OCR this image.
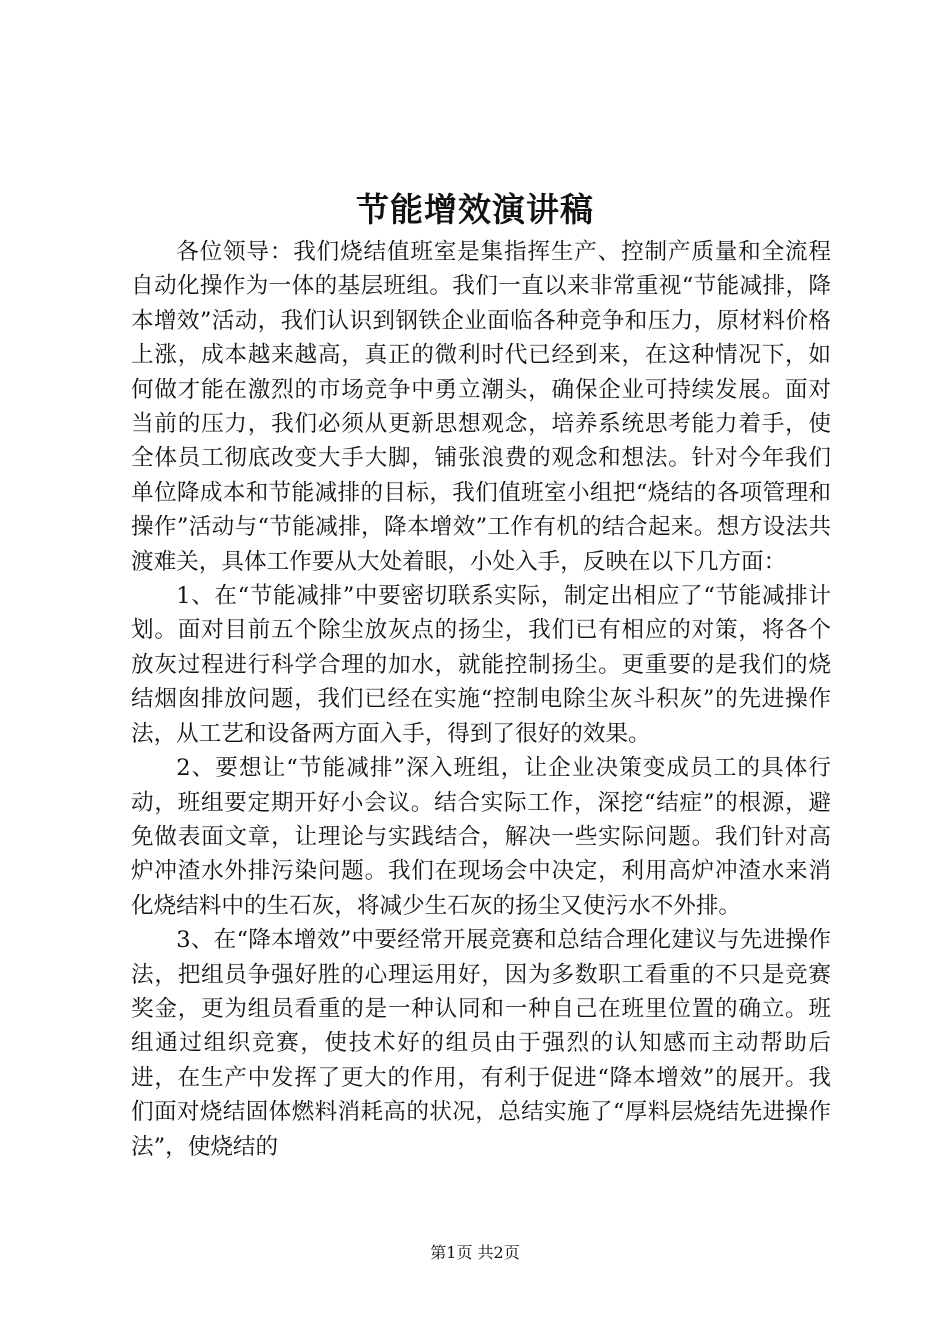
节能增效演讲稿

各位领导：我们烧结值班室是集指挥生产、控制产质量和全流程自动化操作为一体的基层班组。我们一直以来非常重视“节能减排，降本增效”活动，我们认识到钢铁企业面临各种竞争和压力，原材料价格上涨，成本越来越高，真正的微利时代已经到来，在这种情况下，如何做才能在激烈的市场竞争中勇立潮头，确保企业可持续发展。面对当前的压力，我们必须从更新思想观念，培养系统思考能力着手，使全体员工彻底改变大手大脚，铺张浪费的观念和想法。针对今年我们单位降成本和节能减排的目标，我们值班室小组把“烧结的各项管理和操作”活动与“节能减排，降本增效”工作有机的结合起来。想方设法共渡难关，具体工作要从大处着眼，小处入手，反映在以下几方面：

1、在“节能减排”中要密切联系实际，制定出相应了“节能减排计划。面对目前五个除尘放灰点的扬尘，我们已有相应的对策，将各个放灰过程进行科学合理的加水，就能控制扬尘。更重要的是我们的烧结烟囱排放问题，我们已经在实施“控制电除尘灰斗积灰”的先进操作法，从工艺和设备两方面入手，得到了很好的效果。

2、要想让“节能减排”深入班组，让企业决策变成员工的具体行动，班组要定期开好小会议。结合实际工作，深挖“结症”的根源，避免做表面文章，让理论与实践结合，解决一些实际问题。我们针对高炉冲渣水外排污染问题。我们在现场会中决定，利用高炉冲渣水来消化烧结料中的生石灰，将减少生石灰的扬尘又使污水不外排。

3、在“降本增效”中要经常开展竞赛和总结合理化建议与先进操作法，把组员争强好胜的心理运用好，因为多数职工看重的不只是竞赛奖金，更为组员看重的是一种认同和一种自己在班里位置的确立。班组通过组织竞赛，使技术好的组员由于强烈的认知感而主动帮助后进，在生产中发挥了更大的作用，有利于促进“降本增效”的展开。我们面对烧结固体燃料消耗高的状况，总结实施了“厚料层烧结先进操作法”，使烧结的

第1页 共2页
